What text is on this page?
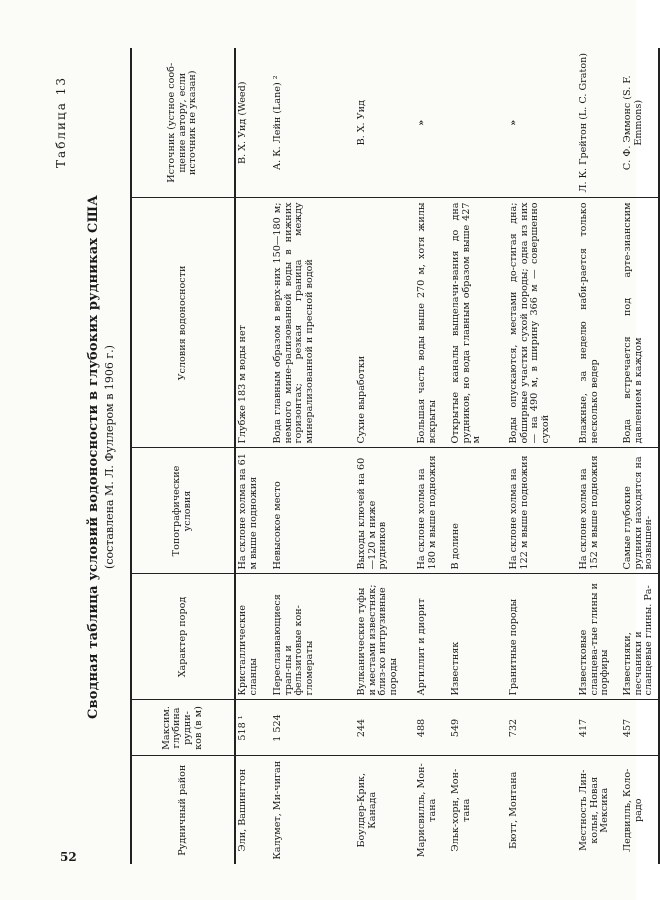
52
Таблица 13
Сводная таблица условий водоносности в глубоких рудниках США (составлена М. Л. Фуллером в 1906 г.)
Рудничный район	Максим. глубина рудни-ков (в м)	Характер пород	Топографические условия	Условия водоносности	Источник (устное сооб-щение автору, если источник не указан)
Эли, Вашингтон	518 ¹	Кристаллические сланцы	На склоне холма на 61 м выше подножия	Глубже 183 м воды нет	В. Х. Уид (Weed)
Калумет, Ми-чиган	1 524	Переслаивающиеся трап-пы и фельзитовые кон-гломераты	Невысокое место	Вода главным образом в верх-них 150—180 м; немного мине-рализованной воды в нижних горизонтах; резкая граница между минерализованной и пресной водой	А. К. Лейн (Lane) ²
Боулдер-Крик, Канада	244	Вулканические туфы и местами известняк; близ-ко интрузивные породы	Выходы ключей на 60—120 м ниже рудников	Сухие выработки	В. Х. Уид
Марисвилль, Мон-тана	488	Аргиллит и диорит	На склоне холма на 180 м выше подножия	Большая часть воды выше 270 м, хотя жилы вскрыты	»

Эльк-хорн, Мон-тана	549	Известняк	В долине	Открытые каналы выщелачи-вания до дна рудников, но вода главным образом выше 427 м	
Бютт, Монтана	732	Гранитные породы	На склоне холма на 122 м выше подножия	Воды опускаются, местами до-стигая дна; обширные участки сухой породы; одна из них — на 490 м, в ширину 366 м — совершенно сухой	»

Местность Лин-кольн, Новая Мексика	417	Известковые сланцева-тые глины и порфиры	На склоне холма на 152 м выше подножия	Влажные, за неделю наби-рается только несколько ведер	Л. К. Грейтон (L. C. Graton)
Ледвилль, Коло-радо	457	Известняки, песчаники и сланцевые глины. Ра-	Самые глубокие рудники находятся на возвышен-	Вода встречается под арте-зианским давлением в каждом	С. Ф. Эммонс (S. F. Emmons)
